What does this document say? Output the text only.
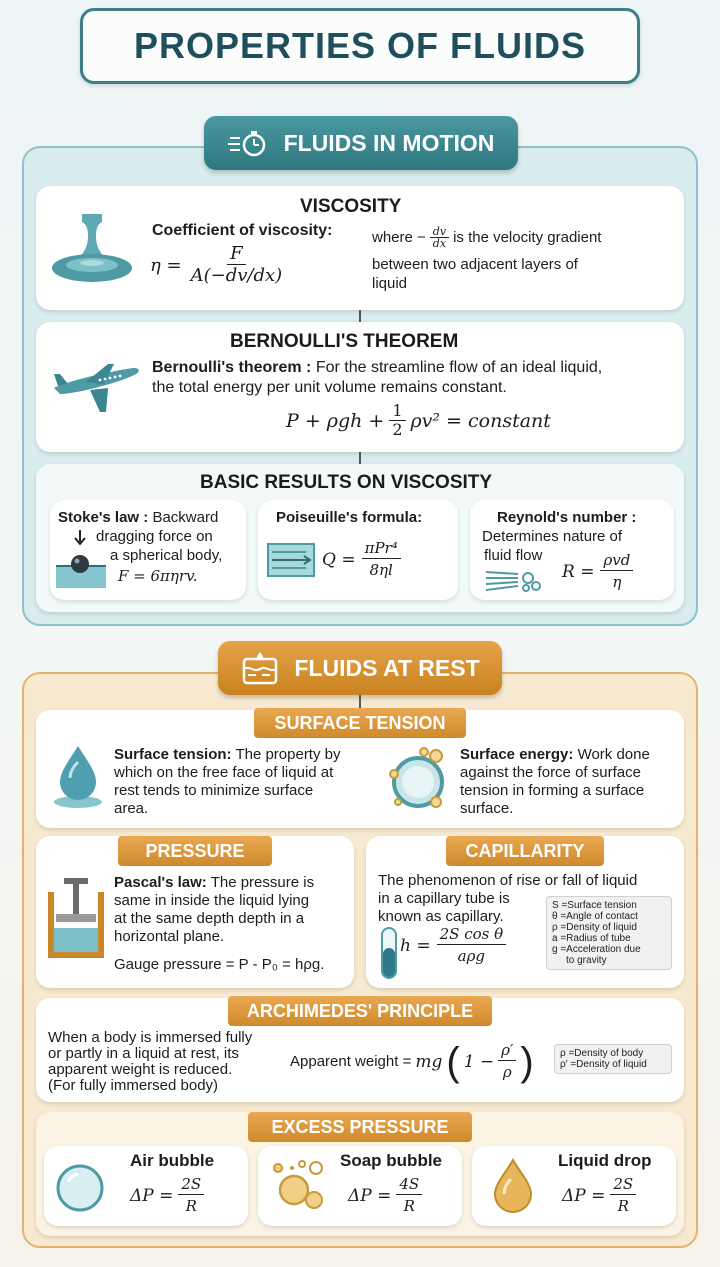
PROPERTIES OF FLUIDS
FLUIDS IN MOTION
VISCOSITY
Coefficient of viscosity:
$\eta = \frac{F}{A(-dv/dx)}$
where − $\frac{dv}{dx}$ is the velocity gradient
between two adjacent layers of
liquid
BERNOULLI'S THEOREM
Bernoulli's theorem : For the streamline flow of an ideal liquid,
the total energy per unit volume remains constant.
$P + \rho gh + \frac{1}{2} \rho v^2$ = constant
BASIC RESULTS ON VISCOSITY
Stoke's law : Backward
dragging force on
a spherical body,
F = 6πηrv.
Poiseuille's formula:
$Q = \frac{\text{πPr⁴}}{8\eta l}$
Reynold's number :
Determines nature of
fluid flow
$R = \frac{\text{ρvd}}{\eta}$
FLUIDS AT REST
SURFACE TENSION
Surface tension: The property by
which on the free face of liquid at
rest tends to minimize surface
area.
Surface energy: Work done
against the force of surface
tension in forming a surface
surface.
PRESSURE
Pascal's law: The pressure is
same in inside the liquid lying
at the same depth depth in a
horizontal plane.
Gauge pressure = P - P₀ = hρg.
CAPILLARITY
The phenomenon of rise or fall of liquid
in a capillary tube is
known as capillary.
$h = \frac{\text{2S cos θ}}{\text{aρg}}$
S =Surface tension
θ =Angle of contact
ρ =Density of liquid
a =Radius of tube
g =Acceleration due
to gravity
ARCHIMEDES' PRINCIPLE
When a body is immersed fully
or partly in a liquid at rest, its
apparent weight is reduced.
(For fully immersed body)
Apparent weight = mg ( $1 - \frac{\rho'}{\rho}$ )	ρ =Density of body
ρ′ =Density of liquid
EXCESS PRESSURE
Air bubble
$\Delta P = \frac{2S}{R}$
Soap bubble
$\Delta P = \frac{4S}{R}$
Liquid drop
$\Delta P = \frac{2S}{R}$
